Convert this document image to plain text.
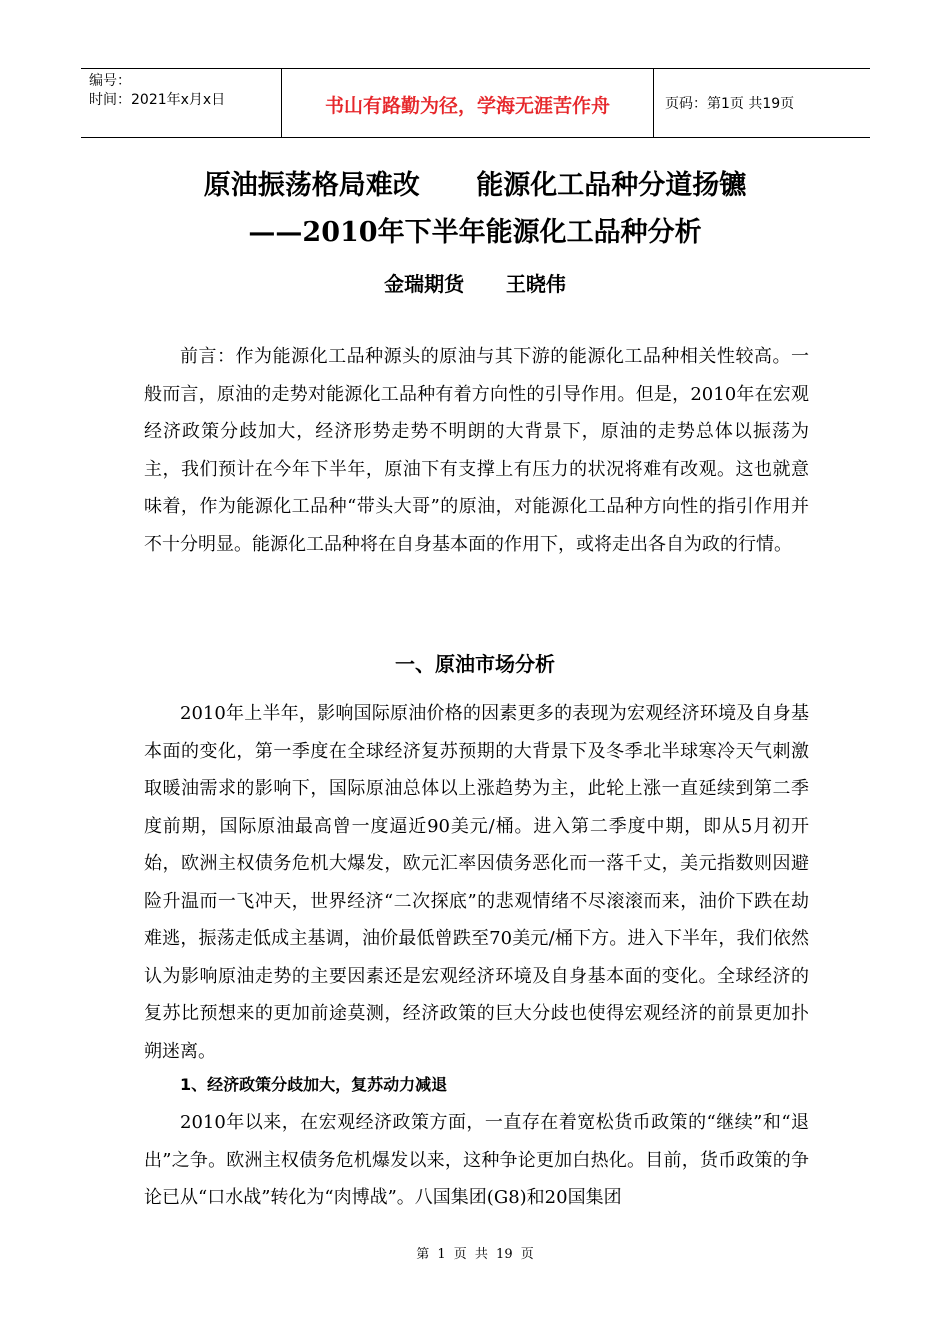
编号：
时间：2021年x月x日	书山有路勤为径，学海无涯苦作舟	页码：第1页 共19页
原油振荡格局难改      能源化工品种分道扬镳
——2010年下半年能源化工品种分析
金瑞期货      王晓伟

前言：作为能源化工品种源头的原油与其下游的能源化工品种相关性较高。一般而言，原油的走势对能源化工品种有着方向性的引导作用。但是，2010年在宏观经济政策分歧加大，经济形势走势不明朗的大背景下，原油的走势总体以振荡为主，我们预计在今年下半年，原油下有支撑上有压力的状况将难有改观。这也就意味着，作为能源化工品种“带头大哥”的原油，对能源化工品种方向性的指引作用并不十分明显。能源化工品种将在自身基本面的作用下，或将走出各自为政的行情。

一、原油市场分析

2010年上半年，影响国际原油价格的因素更多的表现为宏观经济环境及自身基本面的变化，第一季度在全球经济复苏预期的大背景下及冬季北半球寒冷天气刺激取暖油需求的影响下，国际原油总体以上涨趋势为主，此轮上涨一直延续到第二季度前期，国际原油最高曾一度逼近90美元/桶。进入第二季度中期，即从5月初开始，欧洲主权债务危机大爆发，欧元汇率因债务恶化而一落千丈，美元指数则因避险升温而一飞冲天，世界经济“二次探底”的悲观情绪不尽滚滚而来，油价下跌在劫难逃，振荡走低成主基调，油价最低曾跌至70美元/桶下方。进入下半年，我们依然认为影响原油走势的主要因素还是宏观经济环境及自身基本面的变化。全球经济的复苏比预想来的更加前途莫测，经济政策的巨大分歧也使得宏观经济的前景更加扑朔迷离。

1、经济政策分歧加大，复苏动力减退

2010年以来，在宏观经济政策方面，一直存在着宽松货币政策的“继续”和“退出”之争。欧洲主权债务危机爆发以来，这种争论更加白热化。目前，货币政策的争论已从“口水战”转化为“肉博战”。八国集团(G8)和20国集团

第 1 页 共 19 页
